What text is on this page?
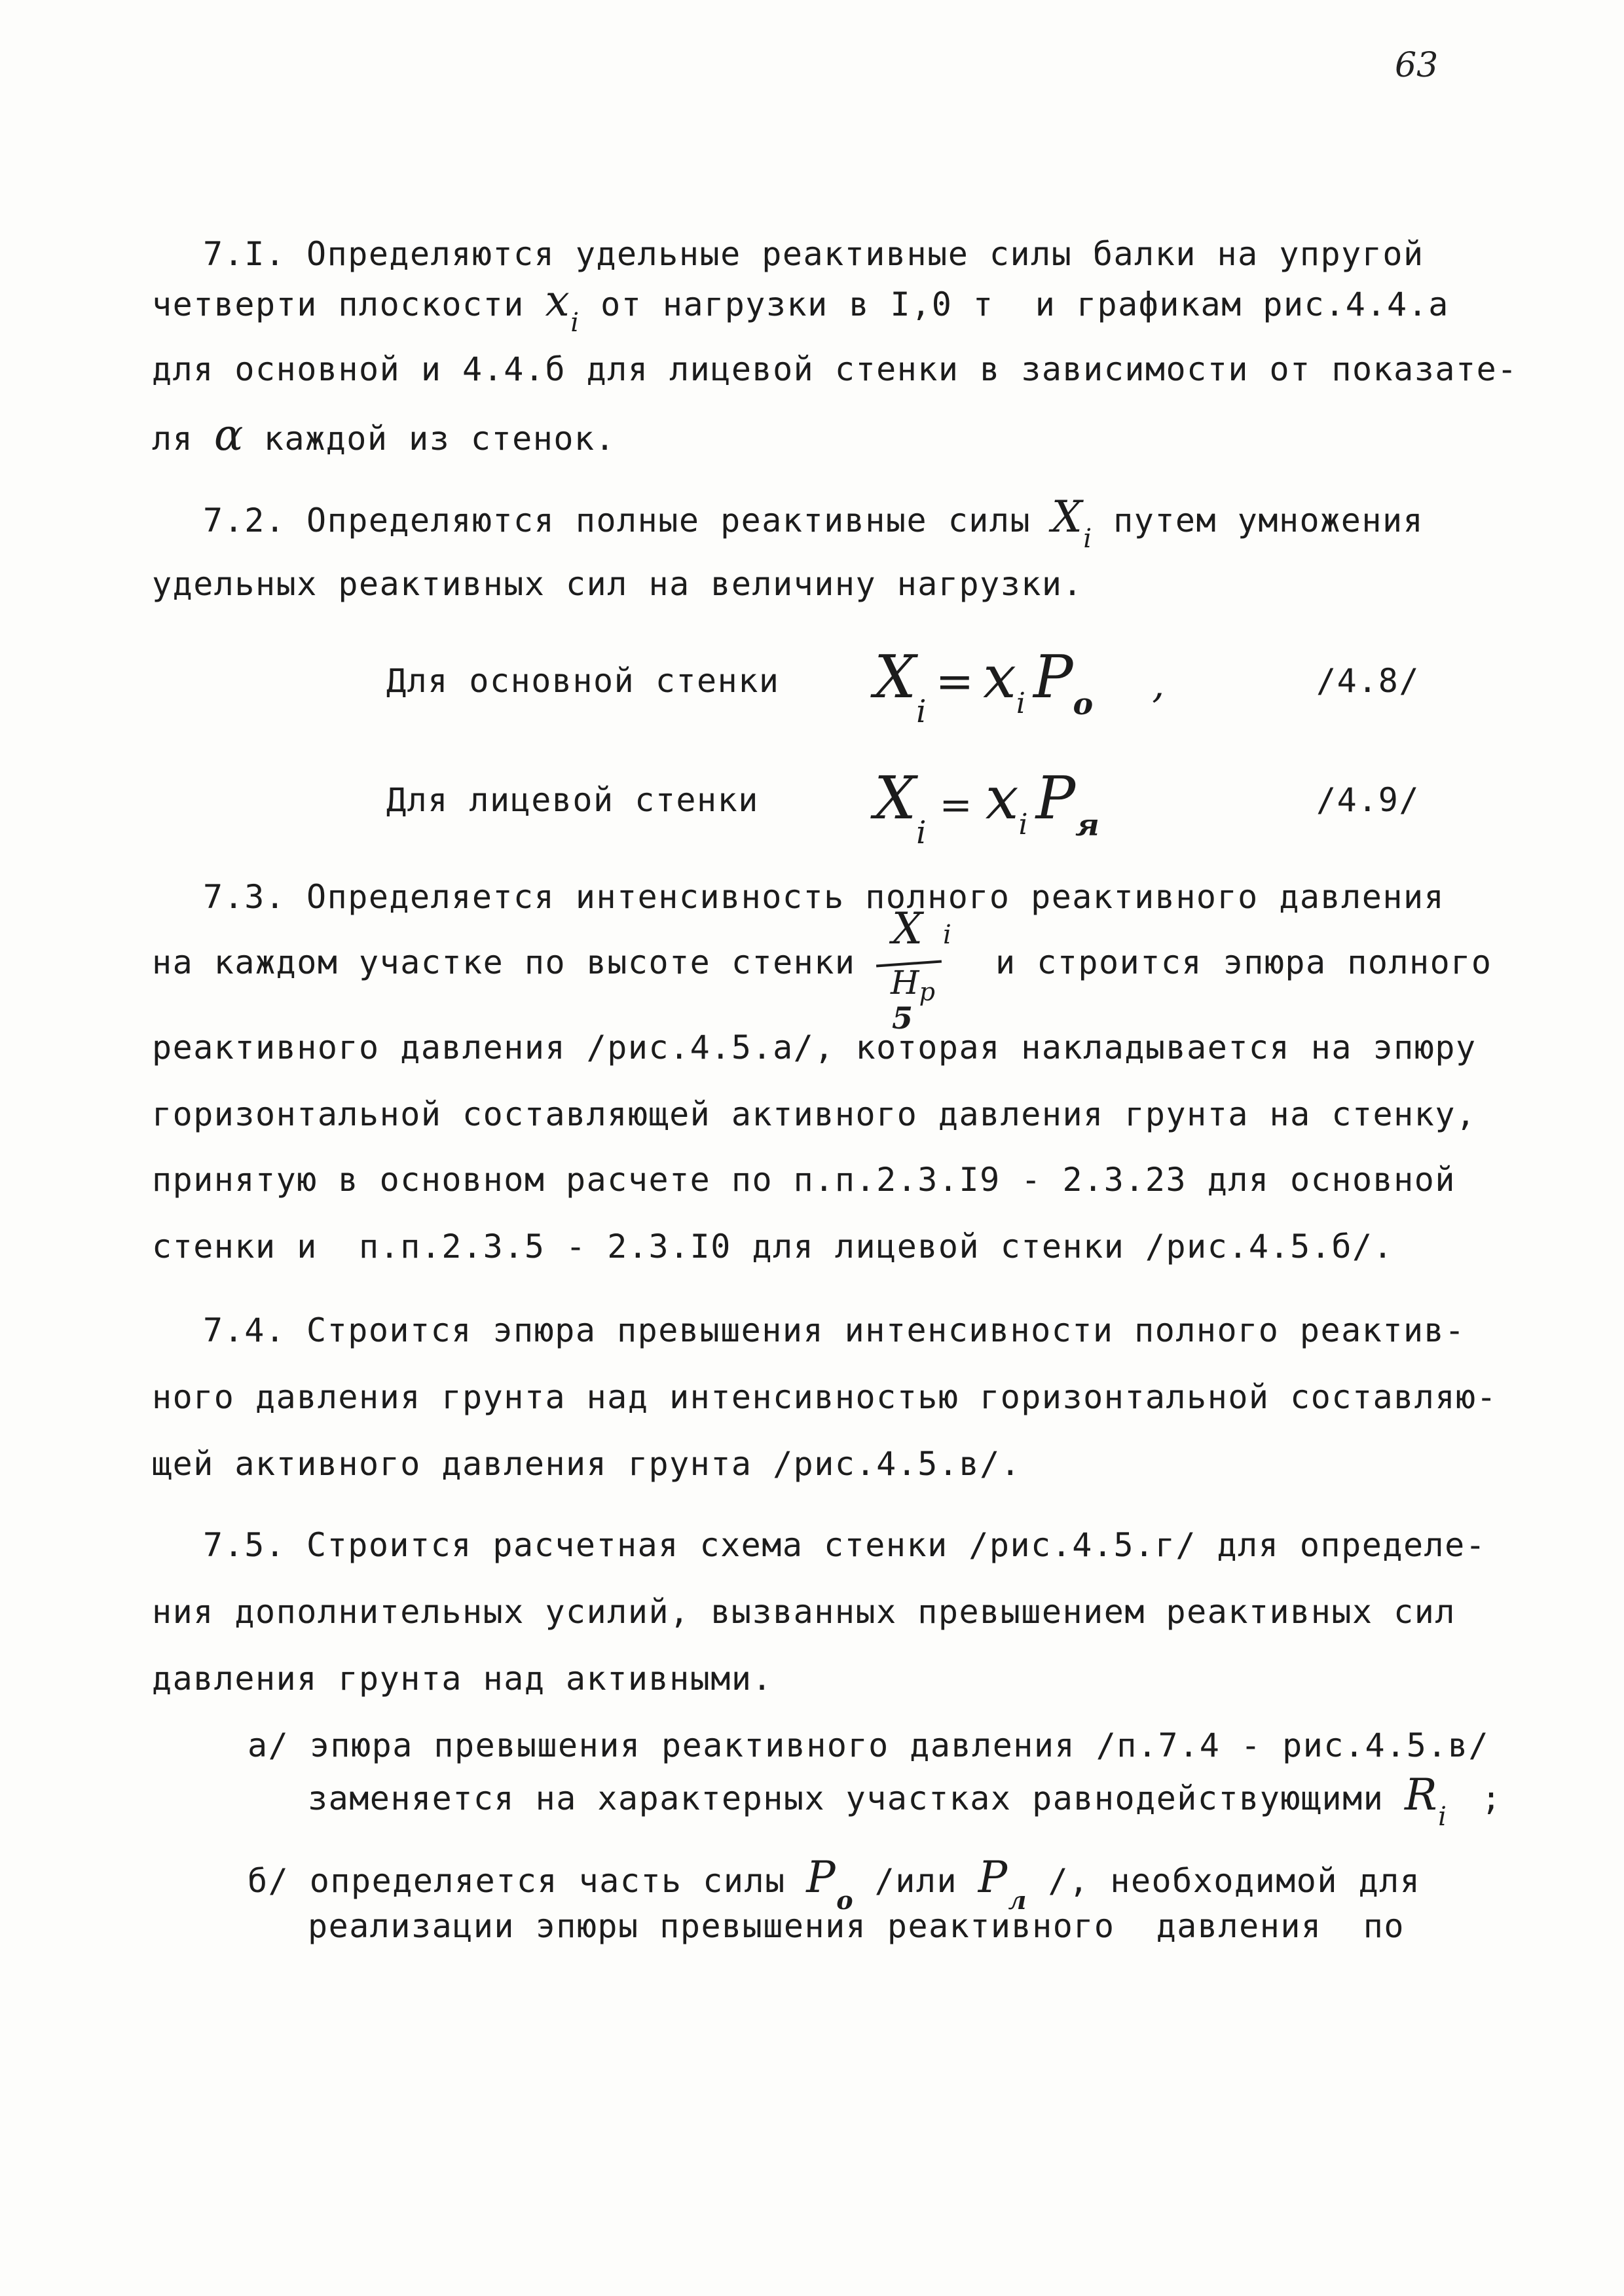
63
7.I. Определяются удельные реактивные силы балки на упругой
четверти плоскости $x_i$ от нагрузки в I,0 т  и графикам рис.4.4.а
для основной и 4.4.б для лицевой стенки в зависимости от показате-
ля α каждой из стенок.
7.2. Определяются полные реактивные силы $X_i$ путем умножения
удельных реактивных сил на величину нагрузки.
Для основной стенки $X_i= x_i$ $P_о$ ,	/4.8/
Для лицевой стенки $X_i= x_i$ $P_я$
/4.9/
7.3. Определяется интенсивность полного реактивного давления
на каждом участке по высоте стенки
X i
$H_р$
5
и строится эпюра полного
реактивного давления /рис.4.5.а/, которая накладывается на эпюру
горизонтальной составляющей активного давления грунта на стенку,
принятую в основном расчете по п.п.2.3.I9 - 2.3.23 для основной
стенки и  п.п.2.3.5 - 2.3.I0 для лицевой стенки /рис.4.5.б/.
7.4. Строится эпюра превышения интенсивности полного реактив-
ного давления грунта над интенсивностью горизонтальной составляю-
щей активного давления грунта /рис.4.5.в/.
7.5. Строится расчетная схема стенки /рис.4.5.г/ для определе-
ния дополнительных усилий, вызванных превышением реактивных сил
давления грунта над активными.
а/ эпюра превышения реактивного давления /п.7.4 - рис.4.5.в/
заменяется на характерных участках равнодействующими $R_i$ ;
б/ определяется часть силы $P_о$ /или $P_л$ /, необходимой для
реализации эпюры превышения реактивного  давления  по
